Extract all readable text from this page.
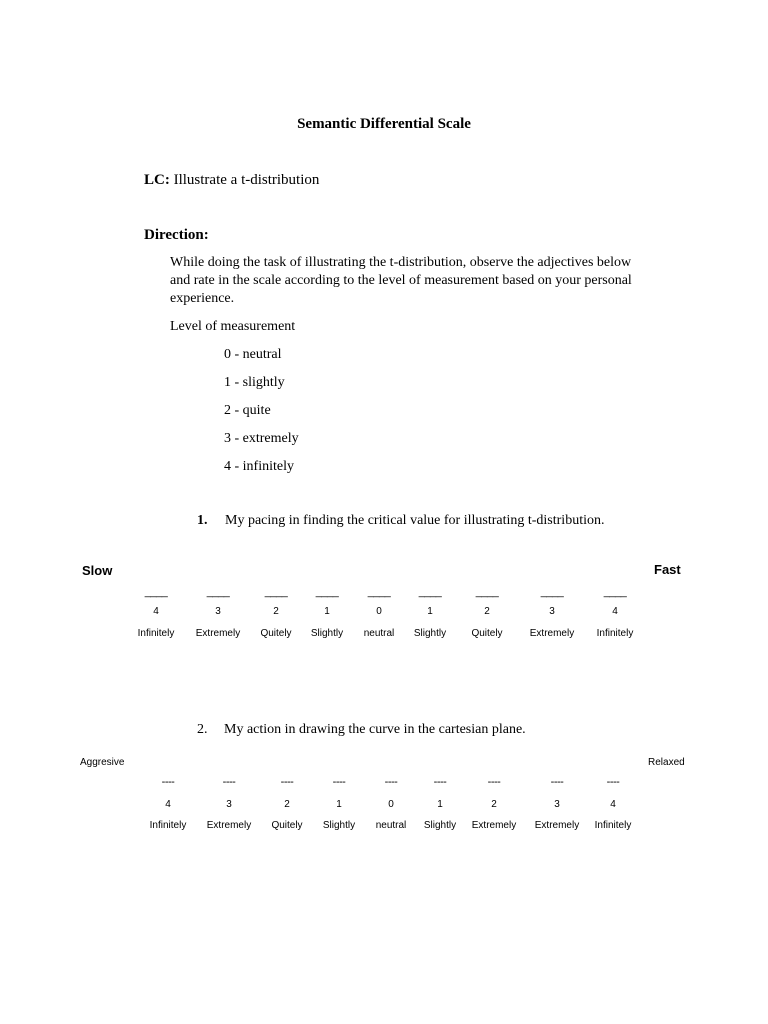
Semantic Differential Scale
LC: Illustrate a t-distribution
Direction:
While doing the task of illustrating the t-distribution, observe the adjectives below and rate in the scale according to the level of measurement based on your personal experience.
Level of measurement
0 - neutral
1 - slightly
2 - quite
3 - extremely
4 - infinitely
1. My pacing in finding the critical value for illustrating t-distribution.
Slow	Fast
____
4
Infinitely
____
3
Extremely
____
2
Quitely
____
1
Slightly
____
0
neutral
____
1
Slightly
____
2
Quitely
____
3
Extremely
____
4
Infinitely
2. My action in drawing the curve in the cartesian plane.
Aggresive	Relaxed
----
4
Infinitely
----
3
Extremely
----
2
Quitely
----
1
Slightly
----
0
neutral
----
1
Slightly
----
2
Extremely
----
3
Extremely
----
4
Infinitely
